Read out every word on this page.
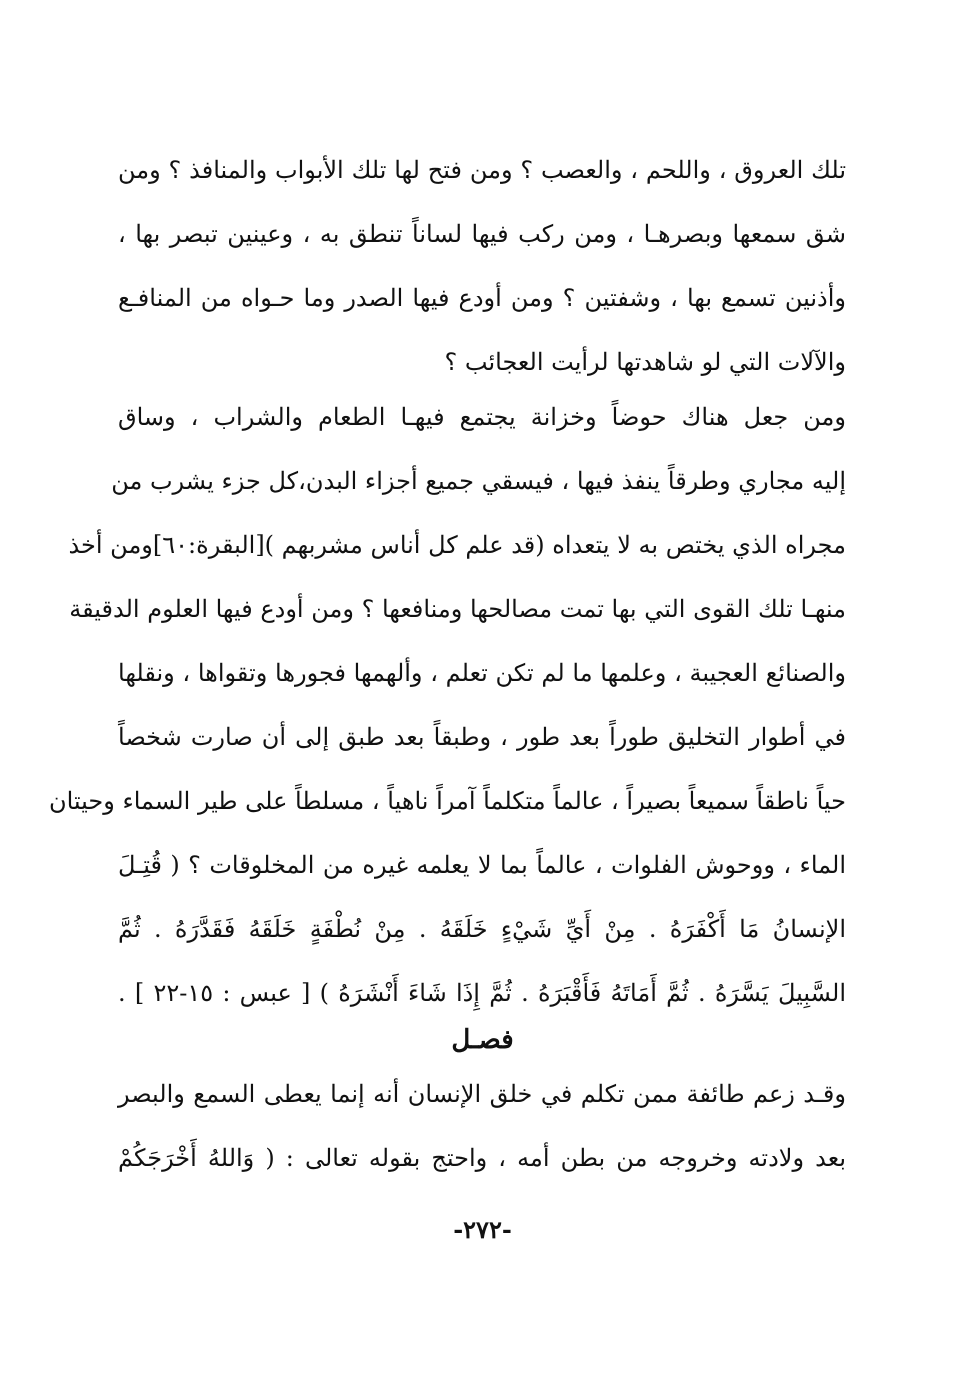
تلك العروق ، واللحم ، والعصب ؟ ومن فتح لها تلك الأبواب والمنافذ ؟ ومن
شق سمعها وبصرهـا ، ومن ركب فيها لساناً تنطق به ، وعينين تبصر بها ،
وأذنين تسمع بها ، وشفتين ؟ ومن أودع فيها الصدر وما حـواه من المنافـع
والآلات التي لو شاهدتها لرأيت العجائب ؟
ومن جعل هناك حوضاً وخزانة يجتمع فيهـا الطعام والشراب ، وساق
إليه مجاري وطرقاً ينفذ فيها ، فيسقي جميع أجزاء البدن،كل جزء يشرب من
مجراه الذي يختص به لا يتعداه (قد علم كل أناس مشربهم )[البقرة:٦٠]ومن أخذ
منهـا تلك القوى التي بها تمت مصالحها ومنافعها ؟ ومن أودع فيها العلوم الدقيقة
والصنائع العجيبة ، وعلمها ما لم تكن تعلم ، وألهمها فجورها وتقواها ، ونقلها
في أطوار التخليق طوراً بعد طور ، وطبقاً بعد طبق إلى أن صارت شخصاً
حياً ناطقاً سميعاً بصيراً ، عالماً متكلماً آمراً ناهياً ، مسلطاً على طير السماء وحيتان
الماء ، ووحوش الفلوات ، عالماً بما لا يعلمه غيره من المخلوقات ؟ ( قُتِـلَ
الإنسانُ مَا أَكْفَرَهُ . مِنْ أَيِّ شَيْءٍ خَلَقَهُ . مِنْ نُطْفَةٍ خَلَقَهُ فَقَدَّرَهُ . ثُمَّ
السَّبِيلَ يَسَّرَهُ . ثُمَّ أَمَاتَهُ فَأَقْبَرَهُ . ثُمَّ إِذَا شَاءَ أَنْشَرَهُ ) [ عبس : ١٥-٢٢ ] .
فصـل
وقـد زعم طائفة ممن تكلم في خلق الإنسان أنه إنما يعطى السمع والبصر
بعد ولادته وخروجه من بطن أمه ، واحتج بقوله تعالى : ( وَاللهُ أَخْرَجَكُمْ
-٢٧٢-
